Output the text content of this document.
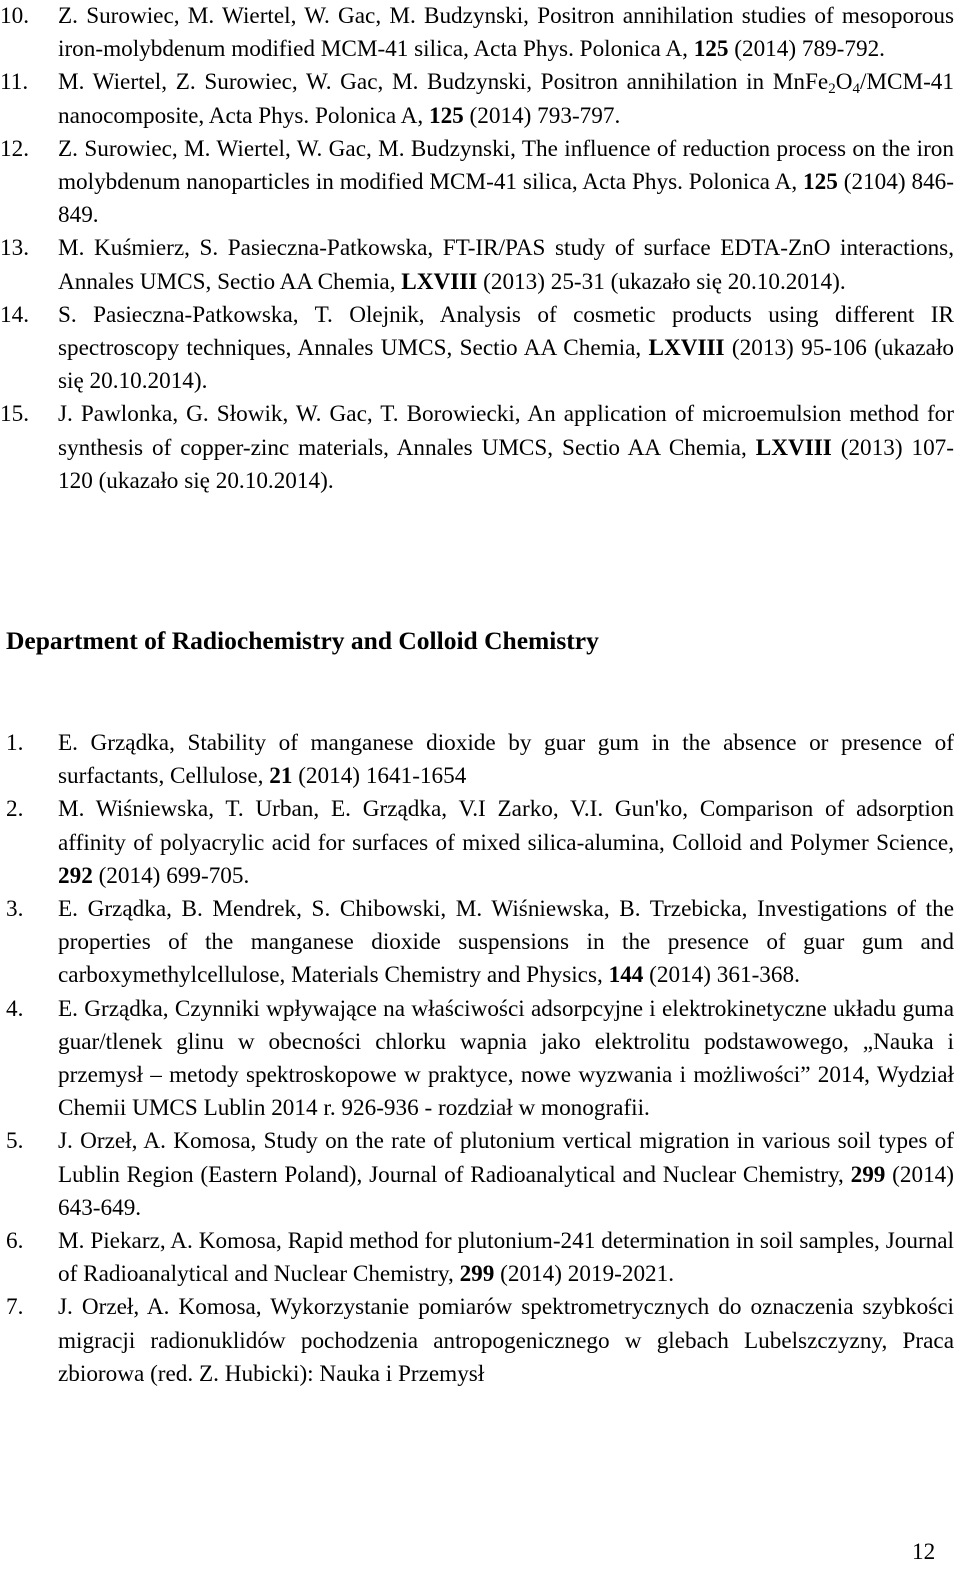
10. Z. Surowiec, M. Wiertel, W. Gac, M. Budzynski, Positron annihilation studies of mesoporous iron-molybdenum modified MCM-41 silica, Acta Phys. Polonica A, 125 (2014) 789-792.

11. M. Wiertel, Z. Surowiec, W. Gac, M. Budzynski, Positron annihilation in $MnFe_2O_4/MCM-41$ nanocomposite, Acta Phys. Polonica A, 125 (2014) 793-797.

12. Z. Surowiec, M. Wiertel, W. Gac, M. Budzynski, The influence of reduction process on the iron molybdenum nanoparticles in modified MCM-41 silica, Acta Phys. Polonica A, 125 (2104) 846-849.

13. M. Kuśmierz, S. Pasieczna-Patkowska, FT-IR/PAS study of surface EDTA-ZnO interactions, Annales UMCS, Sectio AA Chemia, LXVIII (2013) 25-31 (ukazało się 20.10.2014).

14. S. Pasieczna-Patkowska, T. Olejnik, Analysis of cosmetic products using different IR spectroscopy techniques, Annales UMCS, Sectio AA Chemia, LXVIII (2013) 95-106 (ukazało się 20.10.2014).

15. J. Pawlonka, G. Słowik, W. Gac, T. Borowiecki, An application of microemulsion method for synthesis of copper-zinc materials, Annales UMCS, Sectio AA Chemia, LXVIII (2013) 107-120 (ukazało się 20.10.2014).

Department of Radiochemistry and Colloid Chemistry

1. E. Grządka, Stability of manganese dioxide by guar gum in the absence or presence of surfactants, Cellulose, 21 (2014) 1641-1654

2. M. Wiśniewska, T. Urban, E. Grządka, V.I Zarko, V.I. Gun'ko, Comparison of adsorption affinity of polyacrylic acid for surfaces of mixed silica-alumina, Colloid and Polymer Science, 292 (2014) 699-705.

3. E. Grządka, B. Mendrek, S. Chibowski, M. Wiśniewska, B. Trzebicka, Investigations of the properties of the manganese dioxide suspensions in the presence of guar gum and carboxymethylcellulose, Materials Chemistry and Physics, 144 (2014) 361-368.

4. E. Grządka, Czynniki wpływające na właściwości adsorpcyjne i elektrokinetyczne układu guma guar/tlenek glinu w obecności chlorku wapnia jako elektrolitu podstawowego, „Nauka i przemysł – metody spektroskopowe w praktyce, nowe wyzwania i możliwości” 2014, Wydział Chemii UMCS Lublin 2014 r. 926-936 - rozdział w monografii.

5. J. Orzeł, A. Komosa, Study on the rate of plutonium vertical migration in various soil types of Lublin Region (Eastern Poland), Journal of Radioanalytical and Nuclear Chemistry, 299 (2014) 643-649.

6. M. Piekarz, A. Komosa, Rapid method for plutonium-241 determination in soil samples, Journal of Radioanalytical and Nuclear Chemistry, 299 (2014) 2019-2021.

7. J. Orzeł, A. Komosa, Wykorzystanie pomiarów spektrometrycznych do oznaczenia szybkości migracji radionuklidów pochodzenia antropogenicznego w glebach Lubelszczyzny, Praca zbiorowa (red. Z. Hubicki): Nauka i Przemysł

12
